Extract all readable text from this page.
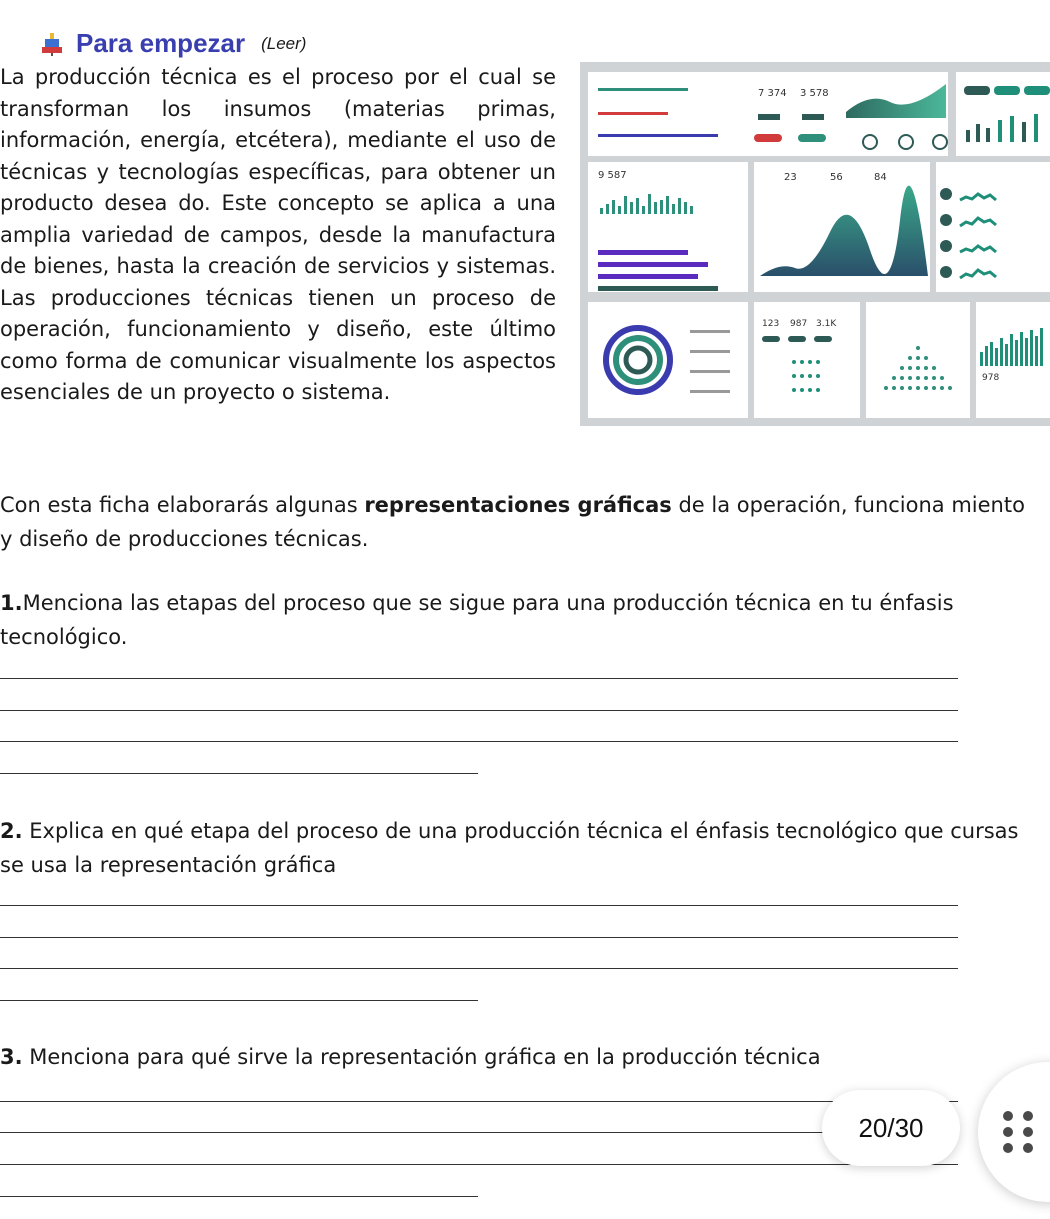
Para empezar (Leer)

La producción técnica es el proceso por el cual se transforman los insumos (materias primas, información, energía, etcétera), mediante el uso de técnicas y tecnologías específicas, para obtener un producto desea do. Este concepto se aplica a una amplia variedad de campos, desde la manufactura de bienes, hasta la creación de servicios y sistemas. Las producciones técnicas tienen un proceso de operación, funcionamiento y diseño, este último como forma de comunicar visualmente los aspectos esenciales de un proyecto o sistema.

7 374 3 578
9 587	23	56	84
123 987 3.1K
978
Con esta ficha elaborarás algunas representaciones gráficas de la operación, funciona miento y diseño de producciones técnicas.
1.Menciona las etapas del proceso que se sigue para una producción técnica en tu énfasis tecnológico.
2. Explica en qué etapa del proceso de una producción técnica el énfasis tecnológico que cursas se usa la representación gráfica
3. Menciona para qué sirve la representación gráfica en la producción técnica
20/30
